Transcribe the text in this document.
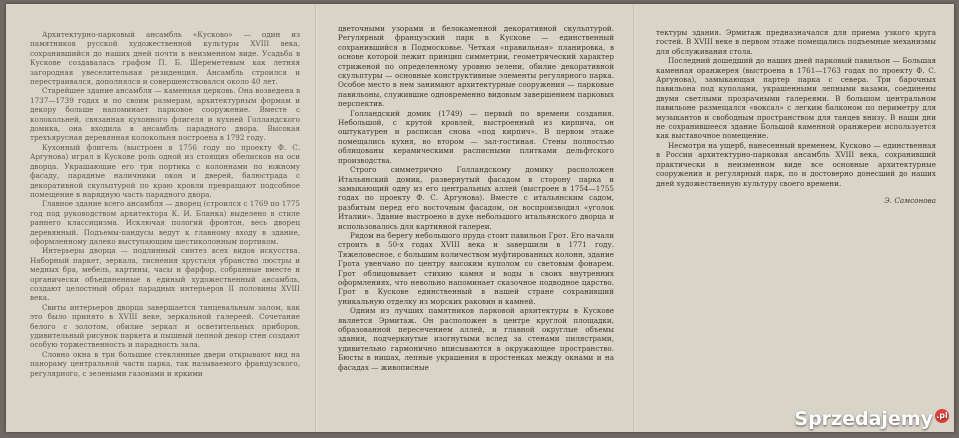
Архитектурно-парковый ансамбль «Кусково» — один из памятников русской художественной культуры XVIII века, сохранившийся до наших дней почти в неизменном виде. Усадьба в Кускове создавалась графом П. Б. Шереметевым как летняя загородная увеселительная резиденция. Ансамбль строился и перестраивался, дополнялся и совершенствовался около 40 лет.

Старейшее здание ансамбля — каменная церковь. Она возведена в 1737—1739 годах и по своим размерам, архитектурным формам и декору больше напоминает парковое сооружение. Вместе с колокольней, связанная кухонного флигеля и кухней Голландского домика, она входила в ансамбль парадного двора. Высокая трехъярусная деревянная колокольня построена в 1792 году.

Кухонный флигель (выстроен в 1756 году по проекту Ф. С. Аргунова) играл в Кускове роль одной из стоящих обелисков на оси дворца. Украшающие его три портика с колоннами по южному фасаду, парадные наличники окон и дверей, балюстрада с декоративной скульптурой по краю кровли превращают подсобное помещение в нарядную часть парадного двора.

Главное здание всего ансамбля — дворец (строился с 1769 по 1775 год под руководством архитектора К. И. Бланка) выделено в стиле раннего классицизма. Исключая пологий фронтон, весь дворец деревянный. Подъемы-пандусы ведут к главному входу в здание, оформленному далеко выступающим шестиколонным портиком.

Интерьеры дворца — подлинный синтез всех видов искусства. Наборный паркет, зеркала, тиснения хрусталя убранство люстры и медных бра, мебель, картины, часы и фарфор, собранные вместе и органически объединенные в единый художественный ансамбль, создают целостный образ парадных интерьеров II половины XVIII века.

Свиты интерьеров дворца завершается танцевальным залом, как это было принято в XVIII веке, зеркальной галереей. Сочетание белого с золотом, обилие зеркал и осветительных приборов, удивительный рисунок паркета и пышный лепной декор стен создают особую торжественность и парадность зала.

Словно окна в три большие стеклянные двери открывают вид на панораму центральной части парка, так называемого французского, регулярного, с зелеными газонами и яркими

цветочными узорами и белокаменной декоративной скульптурой. Регулярный французский парк в Кускове — единственный сохранившийся в Подмосковье. Четкая «правильная» планировка, в основе которой лежит принцип симметрии, геометрический характер стриженой по определенному уровню зелени, обилие декоративной скульптуры — основные конструктивные элементы регулярного парка. Особое место в нем занимают архитектурные сооружения — парковые павильоны, служившие одновременно видовым завершением парковых перспектив.

Голландский домик (1749) — первый по времени создания. Небольшой, с крутой кровлей, выстроенный из кирпича, он оштукатурен и расписан снова «под кирпич». В первом этаже помещались кухня, во втором — зал-гостиная. Стены полностью облицованы керамическими расписными плитками дельфтского производства.

Строго симметрично Голландскому домику расположен Итальянский домик, развернутый фасадом в сторону парка и замыкающий одну из его центральных аллей (выстроен в 1754—1755 годах по проекту Ф. С. Аргунова). Вместе с итальянским садом, разбитым перед его восточным фасадом, он воспроизводил «уголок Италии». Здание выстроено в духе небольшого итальянского дворца и использовалось для картинной галереи.

Рядом на берегу небольшого пруда стоит павильон Грот. Его начали строить в 50-х годах XVIII века и завершили в 1771 году. Тяжеловесное, с большим количеством муфтированных колонн, здание Грота увенчано по центру высоким куполом со световым фонарем. Грот облицовывает стихию камня и воды в своих внутренних оформлениях, что невольно напоминает сказочное подводное царство. Грот в Кускове единственный в нашей стране сохранивший уникальную отделку из морских раковин и камней.

Одним из лучших памятников парковой архитектуры в Кускове является Эрмитаж. Он расположен в центре круглой площадки, образованной пересечением аллей, и главной округлые объемы здания, подчеркнутые изогнутыми вслед за стенами пилястрами, удивительно гармонично вписываются в окружающее пространство. Бюсты в нишах, лепные украшения в простенках между окнами и на фасадах — живописные

тектуры здания. Эрмитаж предназначался для приема узкого круга гостей. В XVIII веке в первом этаже помещались подъемные механизмы для обслуживания стола.

Последний дошедший до наших дней парковый павильон — Большая каменная оранжерея (выстроена в 1761—1763 годах по проекту Ф. С. Аргунова), замыкающая партер парка с севера. Три барочных павильона под куполами, украшенными лепными вазами, соединены двумя светлыми прозрачными галереями. В большом центральном павильоне размещался «воксал» с легким балконом по периметру для музыкантов и свободным пространством для танцев внизу. В наши дни не сохранившееся здание Большой каменной оранжереи используется как выставочное помещение.

Несмотря на ущерб, нанесенный временем, Кусково — единственная в России архитектурно-парковая ансамбль XVIII века, сохранивший практически в неизменном виде все основные архитектурные сооружения и регулярный парк, по и достоверно донесший до наших дней художественную культуру своего времени.

Э. Самсонова
Sprzedajemy .pl
